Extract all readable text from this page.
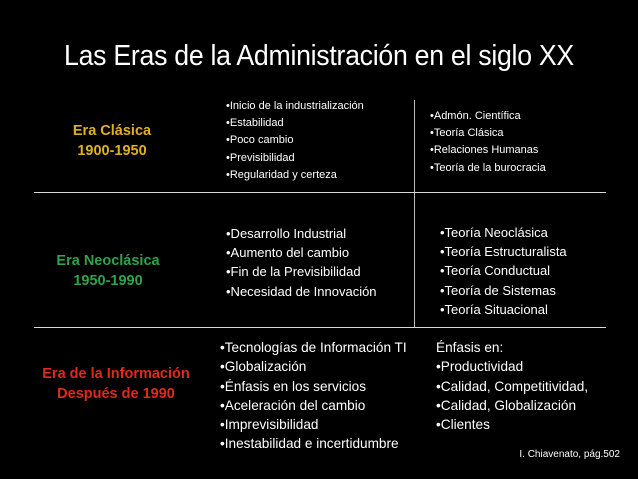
Las Eras de la Administración en el siglo XX
Era Clásica
1900-1950
•Inicio de la industrialización
•Estabilidad
•Poco cambio
•Previsibilidad
•Regularidad y certeza
•Admón. Científica
•Teoría Clásica
•Relaciones Humanas
•Teoría de la burocracia
Era Neoclásica
1950-1990
•Desarrollo Industrial
•Aumento del cambio
•Fin de la Previsibilidad
•Necesidad de Innovación
•Teoría Neoclásica
•Teoría Estructuralista
•Teoría Conductual
•Teoría de Sistemas
•Teoría Situacional
Era de la Información
Después de 1990
•Tecnologías de Información TI
•Globalización
•Énfasis en los servicios
•Aceleración del cambio
•Imprevisibilidad
•Inestabilidad e incertidumbre
Énfasis en:
•Productividad
•Calidad, Competitividad,
•Calidad, Globalización
•Clientes
I. Chiavenato, pág.502
